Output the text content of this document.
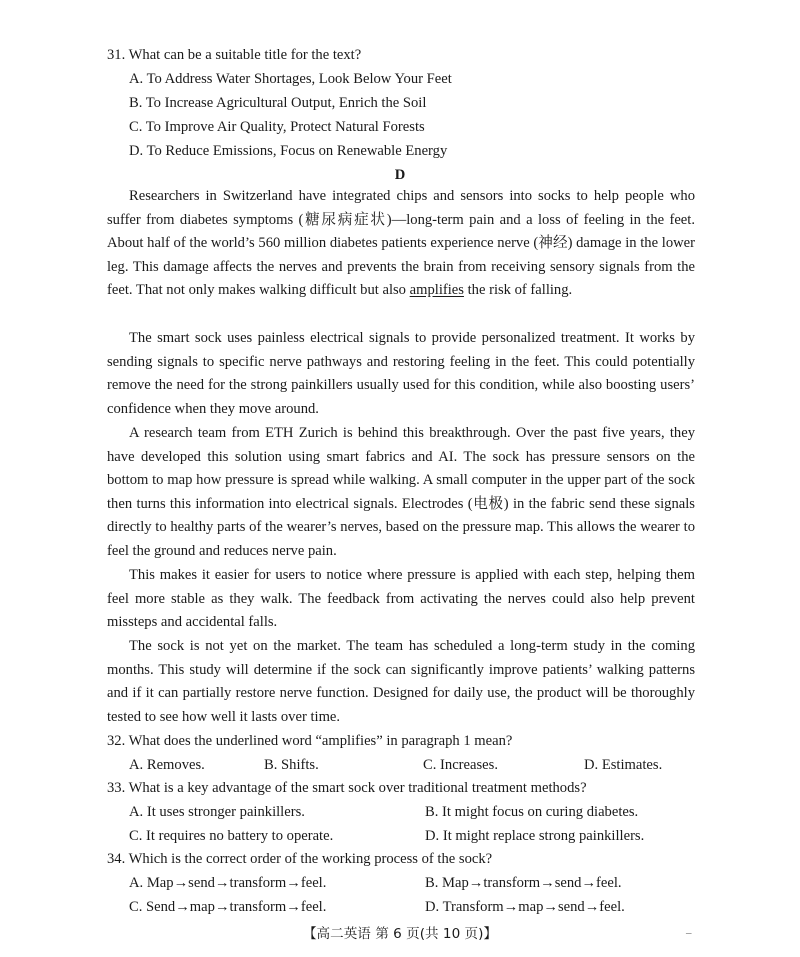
31. What can be a suitable title for the text?
A. To Address Water Shortages, Look Below Your Feet
B. To Increase Agricultural Output, Enrich the Soil
C. To Improve Air Quality, Protect Natural Forests
D. To Reduce Emissions, Focus on Renewable Energy
D

Researchers in Switzerland have integrated chips and sensors into socks to help people who suffer from diabetes symptoms (糖尿病症状)—long-term pain and a loss of feeling in the feet. About half of the world’s 560 million diabetes patients experience nerve (神经) damage in the lower leg. This damage affects the nerves and prevents the brain from receiving sensory signals from the feet. That not only makes walking difficult but also amplifies the risk of falling.

The smart sock uses painless electrical signals to provide personalized treatment. It works by sending signals to specific nerve pathways and restoring feeling in the feet. This could potentially remove the need for the strong painkillers usually used for this condition, while also boosting users’ confidence when they move around.

A research team from ETH Zurich is behind this breakthrough. Over the past five years, they have developed this solution using smart fabrics and AI. The sock has pressure sensors on the bottom to map how pressure is spread while walking. A small computer in the upper part of the sock then turns this information into electrical signals. Electrodes (电极) in the fabric send these signals directly to healthy parts of the wearer’s nerves, based on the pressure map. This allows the wearer to feel the ground and reduces nerve pain.

This makes it easier for users to notice where pressure is applied with each step, helping them feel more stable as they walk. The feedback from activating the nerves could also help prevent missteps and accidental falls.

The sock is not yet on the market. The team has scheduled a long-term study in the coming months. This study will determine if the sock can significantly improve patients’ walking patterns and if it can partially restore nerve function. Designed for daily use, the product will be thoroughly tested to see how well it lasts over time.

32. What does the underlined word “amplifies” in paragraph 1 mean?
A. Removes.	B. Shifts.	C. Increases.	D. Estimates.
33. What is a key advantage of the smart sock over traditional treatment methods?
A. It uses stronger painkillers.	B. It might focus on curing diabetes.
C. It requires no battery to operate.	D. It might replace strong painkillers.
34. Which is the correct order of the working process of the sock?
A. Map→send→transform→feel.	B. Map→transform→send→feel.
C. Send→map→transform→feel.	D. Transform→map→send→feel.
【高二英语 第 6 页(共 10 页)】	–
